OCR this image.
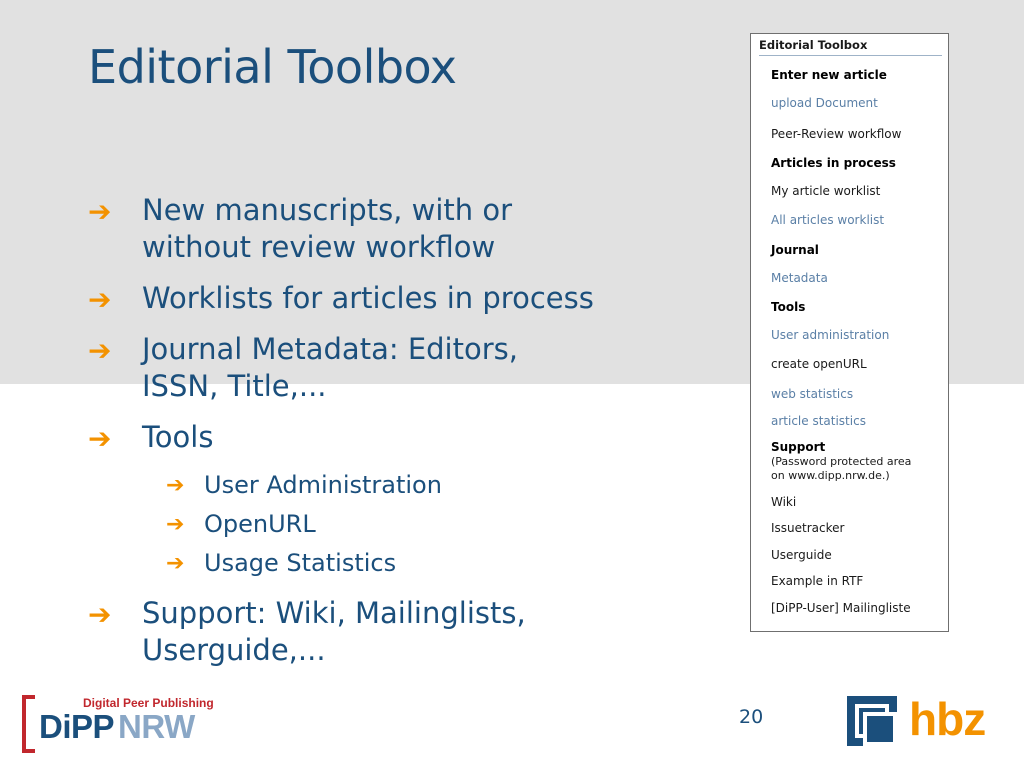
Editorial Toolbox
➔ New manuscripts, with or
without review workflow
➔ Worklists for articles in process
➔ Journal Metadata: Editors,
ISSN, Title,...
➔ Tools
➔ User Administration
➔ OpenURL
➔ Usage Statistics
➔ Support: Wiki, Mailinglists,
Userguide,...
Editorial Toolbox
Enter new article
upload Document
Peer-Review workflow
Articles in process
My article worklist
All articles worklist
Journal
Metadata
Tools
User administration
create openURL
web statistics
article statistics
Support
(Password protected area
on www.dipp.nrw.de.)
Wiki
Issuetracker
Userguide
Example in RTF
[DiPP-User] Mailingliste
20
Digital Peer Publishing
DiPP NRW	hbz
